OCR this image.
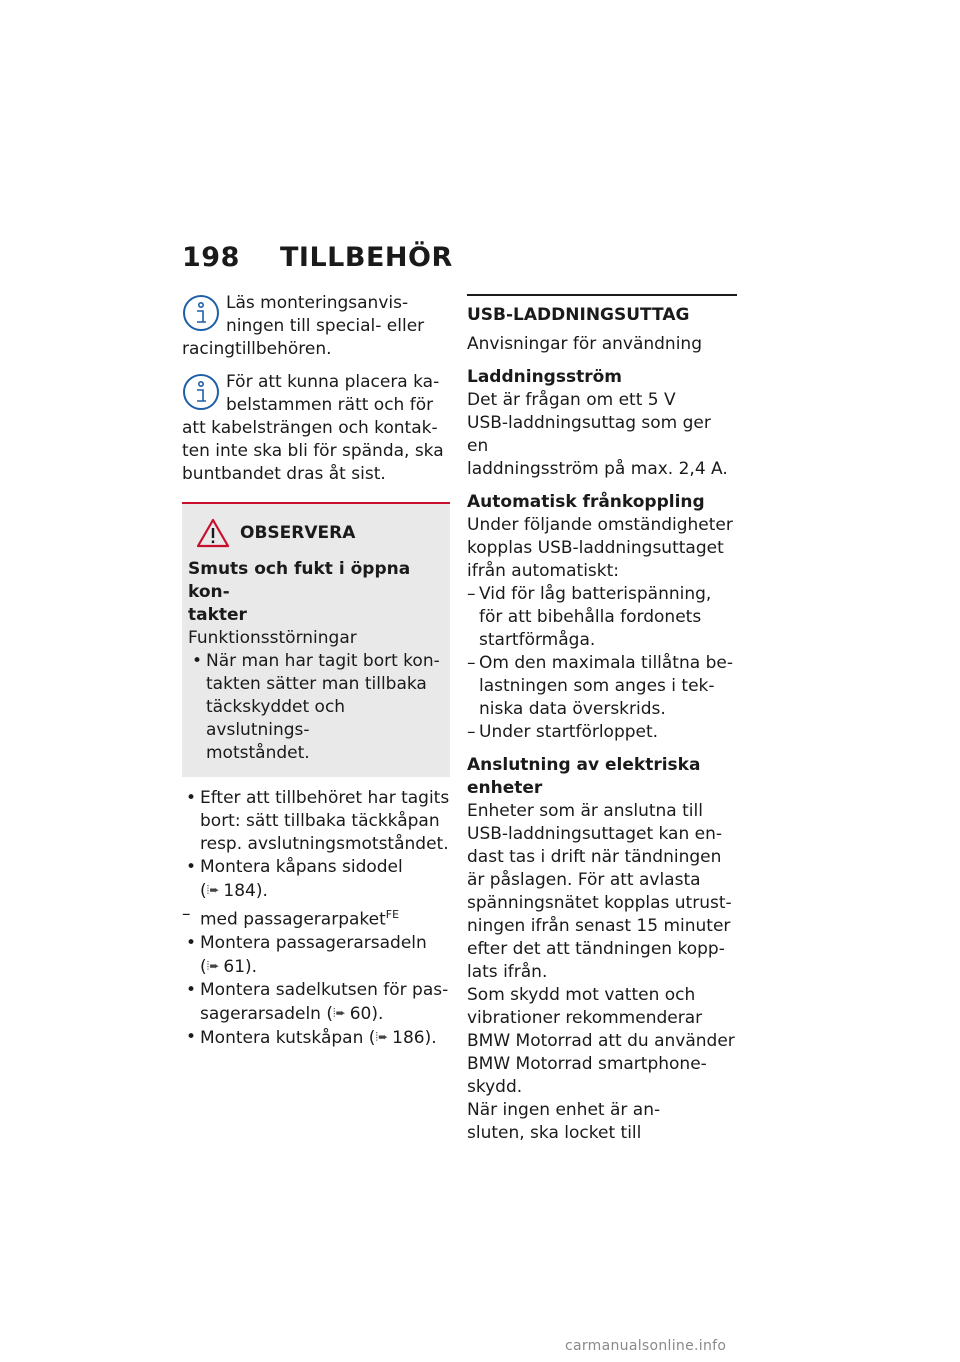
198 TILLBEHÖR

Läs monteringsanvis-

ningen till special- eller

racingtillbehören.

För att kunna placera ka-

belstammen rätt och för

att kabelsträngen och kontak-

ten inte ska bli för spända, ska

buntbandet dras åt sist.

OBSERVERA

Smuts och fukt i öppna kon-

takter

Funktionsstörningar

• När man har tagit bort kon-

takten sätter man tillbaka

täckskyddet och avslutnings-

motståndet.

• Efter att tillbehöret har tagits

bort: sätt tillbaka täckkåpan

resp. avslutningsmotståndet.

• Montera kåpans sidodel

(⦙➨ 184).

– med passagerarpaket$^{FE}$

• Montera passagerarsadeln

(⦙➨ 61).

• Montera sadelkutsen för pas-

sagerarsadeln (⦙➨ 60).

• Montera kutskåpan (⦙➨ 186).

USB-LADDNINGSUTTAG

Anvisningar för användning

Laddningsström

Det är frågan om ett 5 V

USB-laddningsuttag som ger en

laddningsström på max. 2,4 A.

Automatisk frånkoppling

Under följande omständigheter

kopplas USB-laddningsuttaget

ifrån automatiskt:

– Vid för låg batterispänning,

för att bibehålla fordonets

startförmåga.

– Om den maximala tillåtna be-

lastningen som anges i tek-

niska data överskrids.

– Under startförloppet.

Anslutning av elektriska

enheter

Enheter som är anslutna till

USB-laddningsuttaget kan en-

dast tas i drift när tändningen

är påslagen. För att avlasta

spänningsnätet kopplas utrust-

ningen ifrån senast 15 minuter

efter det att tändningen kopp-

lats ifrån.

Som skydd mot vatten och

vibrationer rekommenderar

BMW Motorrad att du använder

BMW Motorrad smartphone-

skydd.

När ingen enhet är an-

sluten, ska locket till

carmanualsonline.info
